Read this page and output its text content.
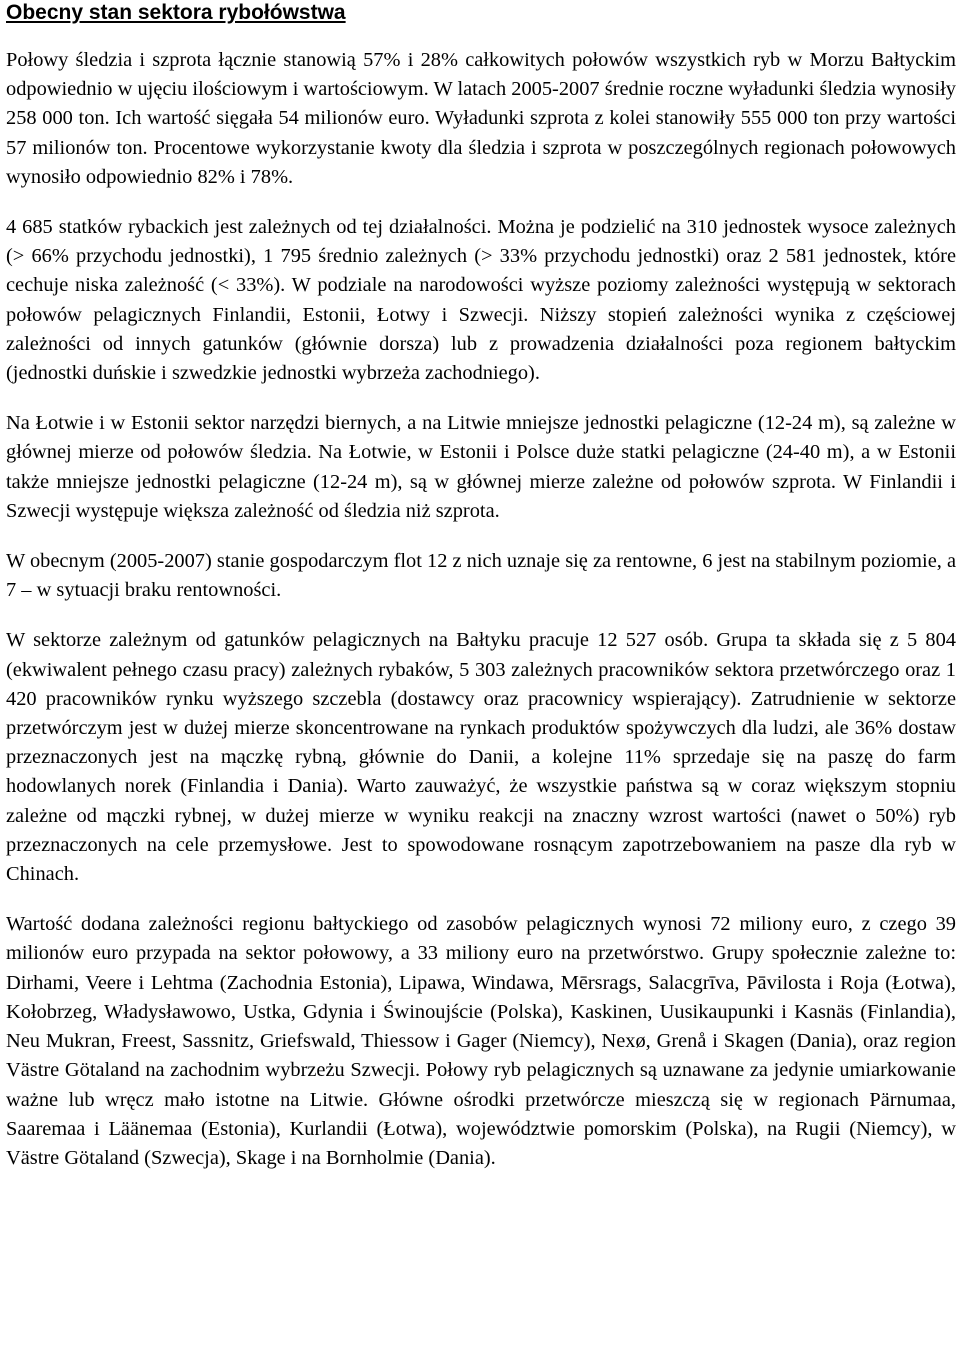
Obecny stan sektora rybołówstwa

Połowy śledzia i szprota łącznie stanowią 57% i 28% całkowitych połowów wszystkich ryb w Morzu Bałtyckim odpowiednio w ujęciu ilościowym i wartościowym. W latach 2005-2007 średnie roczne wyładunki śledzia wynosiły 258 000 ton. Ich wartość sięgała 54 milionów euro. Wyładunki szprota z kolei stanowiły 555 000 ton przy wartości 57 milionów ton. Procentowe wykorzystanie kwoty dla śledzia i szprota w poszczególnych regionach połowowych wynosiło odpowiednio 82% i 78%.

4 685 statków rybackich jest zależnych od tej działalności. Można je podzielić na 310 jednostek wysoce zależnych (> 66% przychodu jednostki), 1 795 średnio zależnych (> 33% przychodu jednostki) oraz 2 581 jednostek, które cechuje niska zależność (< 33%). W podziale na narodowości wyższe poziomy zależności występują w sektorach połowów pelagicznych Finlandii, Estonii, Łotwy i Szwecji. Niższy stopień zależności wynika z częściowej zależności od innych gatunków (głównie dorsza) lub z prowadzenia działalności poza regionem bałtyckim (jednostki duńskie i szwedzkie jednostki wybrzeża zachodniego).

Na Łotwie i w Estonii sektor narzędzi biernych, a na Litwie mniejsze jednostki pelagiczne (12-24 m), są zależne w głównej mierze od połowów śledzia. Na Łotwie, w Estonii i Polsce duże statki pelagiczne (24-40 m), a w Estonii także mniejsze jednostki pelagiczne (12-24 m), są w głównej mierze zależne od połowów szprota. W Finlandii i Szwecji występuje większa zależność od śledzia niż szprota.

W obecnym (2005-2007) stanie gospodarczym flot 12 z nich uznaje się za rentowne, 6 jest na stabilnym poziomie, a 7 – w sytuacji braku rentowności.

W sektorze zależnym od gatunków pelagicznych na Bałtyku pracuje 12 527 osób. Grupa ta składa się z 5 804 (ekwiwalent pełnego czasu pracy) zależnych rybaków, 5 303 zależnych pracowników sektora przetwórczego oraz 1 420 pracowników rynku wyższego szczebla (dostawcy oraz pracownicy wspierający). Zatrudnienie w sektorze przetwórczym jest w dużej mierze skoncentrowane na rynkach produktów spożywczych dla ludzi, ale 36% dostaw przeznaczonych jest na mączkę rybną, głównie do Danii, a kolejne 11% sprzedaje się na paszę do farm hodowlanych norek (Finlandia i Dania). Warto zauważyć, że wszystkie państwa są w coraz większym stopniu zależne od mączki rybnej, w dużej mierze w wyniku reakcji na znaczny wzrost wartości (nawet o 50%) ryb przeznaczonych na cele przemysłowe. Jest to spowodowane rosnącym zapotrzebowaniem na pasze dla ryb w Chinach.

Wartość dodana zależności regionu bałtyckiego od zasobów pelagicznych wynosi 72 miliony euro, z czego 39 milionów euro przypada na sektor połowowy, a 33 miliony euro na przetwórstwo. Grupy społecznie zależne to: Dirhami, Veere i Lehtma (Zachodnia Estonia), Lipawa, Windawa, Mērsrags, Salacgrīva, Pāvilosta i Roja (Łotwa), Kołobrzeg, Władysławowo, Ustka, Gdynia i Świnoujście (Polska), Kaskinen, Uusikaupunki i Kasnäs (Finlandia), Neu Mukran, Freest, Sassnitz, Griefswald, Thiessow i Gager (Niemcy), Nexø, Grenå i Skagen (Dania), oraz region Västre Götaland na zachodnim wybrzeżu Szwecji. Połowy ryb pelagicznych są uznawane za jedynie umiarkowanie ważne lub wręcz mało istotne na Litwie. Główne ośrodki przetwórcze mieszczą się w regionach Pärnumaa, Saaremaa i Läänemaa (Estonia), Kurlandii (Łotwa), województwie pomorskim (Polska), na Rugii (Niemcy), w Västre Götaland (Szwecja), Skage i na Bornholmie (Dania).
